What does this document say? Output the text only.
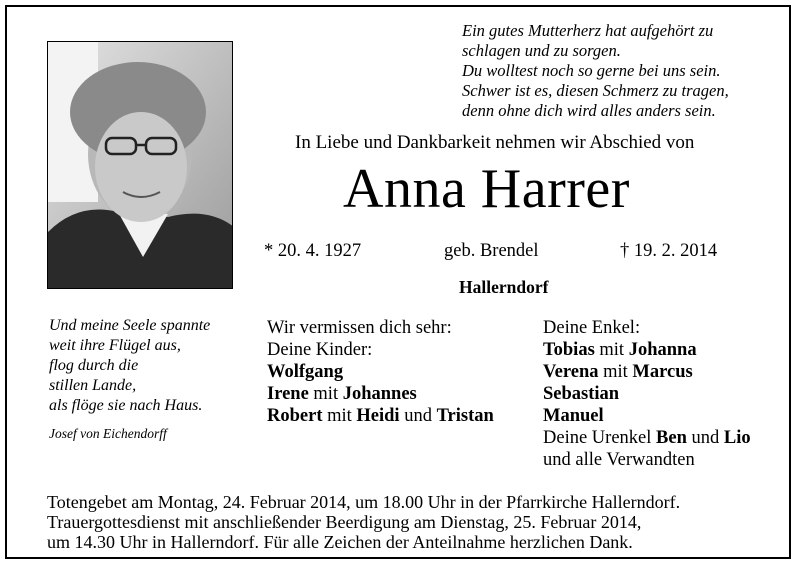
Ein gutes Mutterherz hat aufgehört zu
schlagen und zu sorgen.
Du wolltest noch so gerne bei uns sein.
Schwer ist es, diesen Schmerz zu tragen,
denn ohne dich wird alles anders sein.
In Liebe und Dankbarkeit nehmen wir Abschied von
Anna Harrer
* 20. 4. 1927	geb. Brendel	† 19. 2. 2014
Hallerndorf
Und meine Seele spannte
weit ihre Flügel aus,
flog durch die
stillen Lande,
als flöge sie nach Haus.
Josef von Eichendorff
Wir vermissen dich sehr:
Deine Kinder:
Wolfgang
Irene mit Johannes
Robert mit Heidi und Tristan
Deine Enkel:
Tobias mit Johanna
Verena mit Marcus
Sebastian
Manuel
Deine Urenkel Ben und Lio
und alle Verwandten
Totengebet am Montag, 24. Februar 2014, um 18.00 Uhr in der Pfarrkirche Hallerndorf.
Trauergottesdienst mit anschließender Beerdigung am Dienstag, 25. Februar 2014,
um 14.30 Uhr in Hallerndorf. Für alle Zeichen der Anteilnahme herzlichen Dank.
